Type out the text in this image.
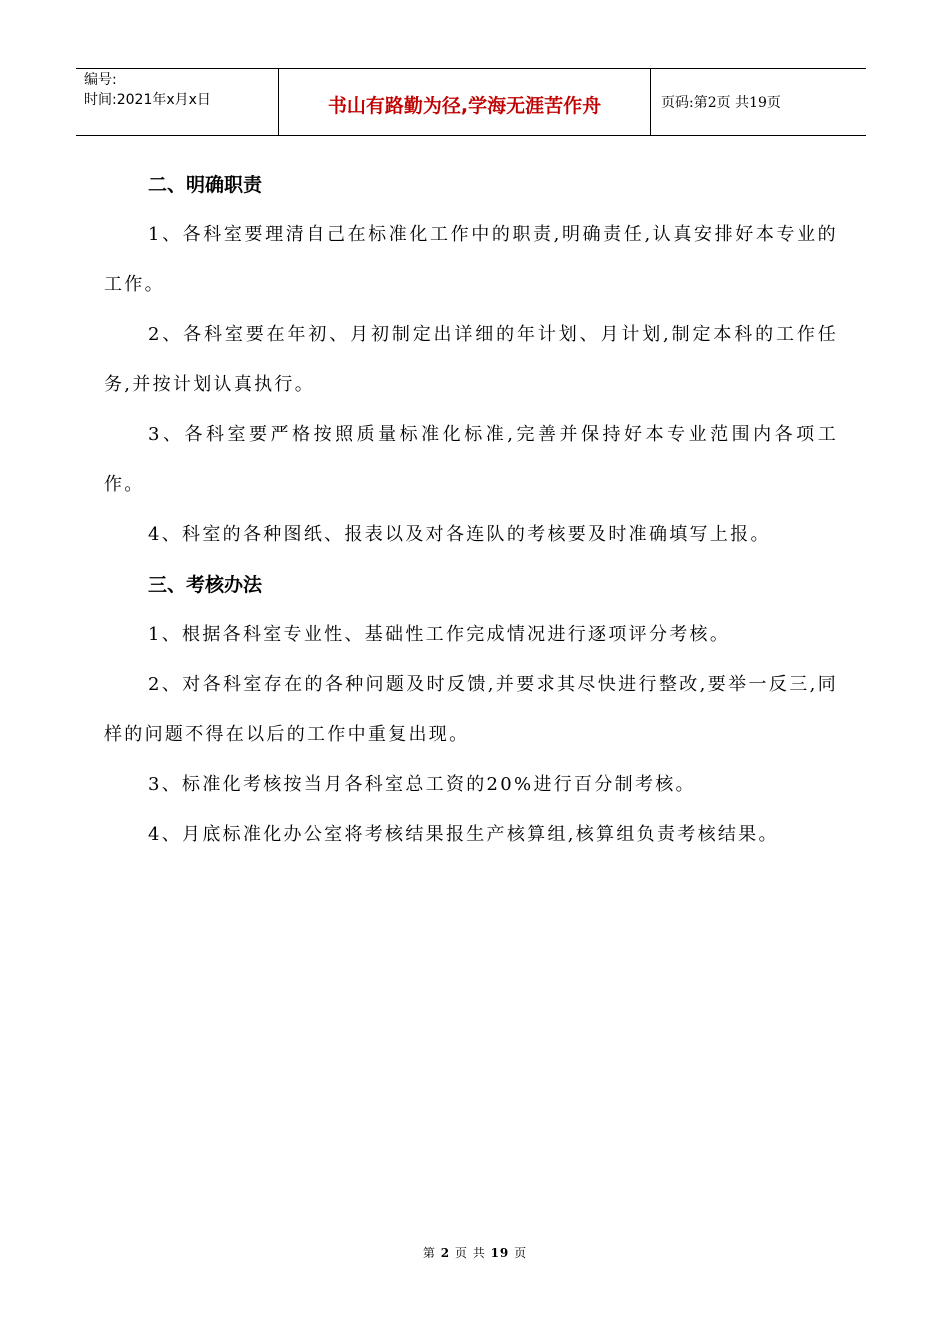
编号:
时间:2021年x月x日	书山有路勤为径,学海无涯苦作舟	页码:第2页 共19页
二、明确职责

1、各科室要理清自己在标准化工作中的职责,明确责任,认真安排好本专业的工作。

2、各科室要在年初、月初制定出详细的年计划、月计划,制定本科的工作任务,并按计划认真执行。

3、各科室要严格按照质量标准化标准,完善并保持好本专业范围内各项工作。

4、科室的各种图纸、报表以及对各连队的考核要及时准确填写上报。

三、考核办法

1、根据各科室专业性、基础性工作完成情况进行逐项评分考核。

2、对各科室存在的各种问题及时反馈,并要求其尽快进行整改,要举一反三,同样的问题不得在以后的工作中重复出现。

3、标准化考核按当月各科室总工资的20%进行百分制考核。

4、月底标准化办公室将考核结果报生产核算组,核算组负责考核结果。

第 2 页 共 19 页
